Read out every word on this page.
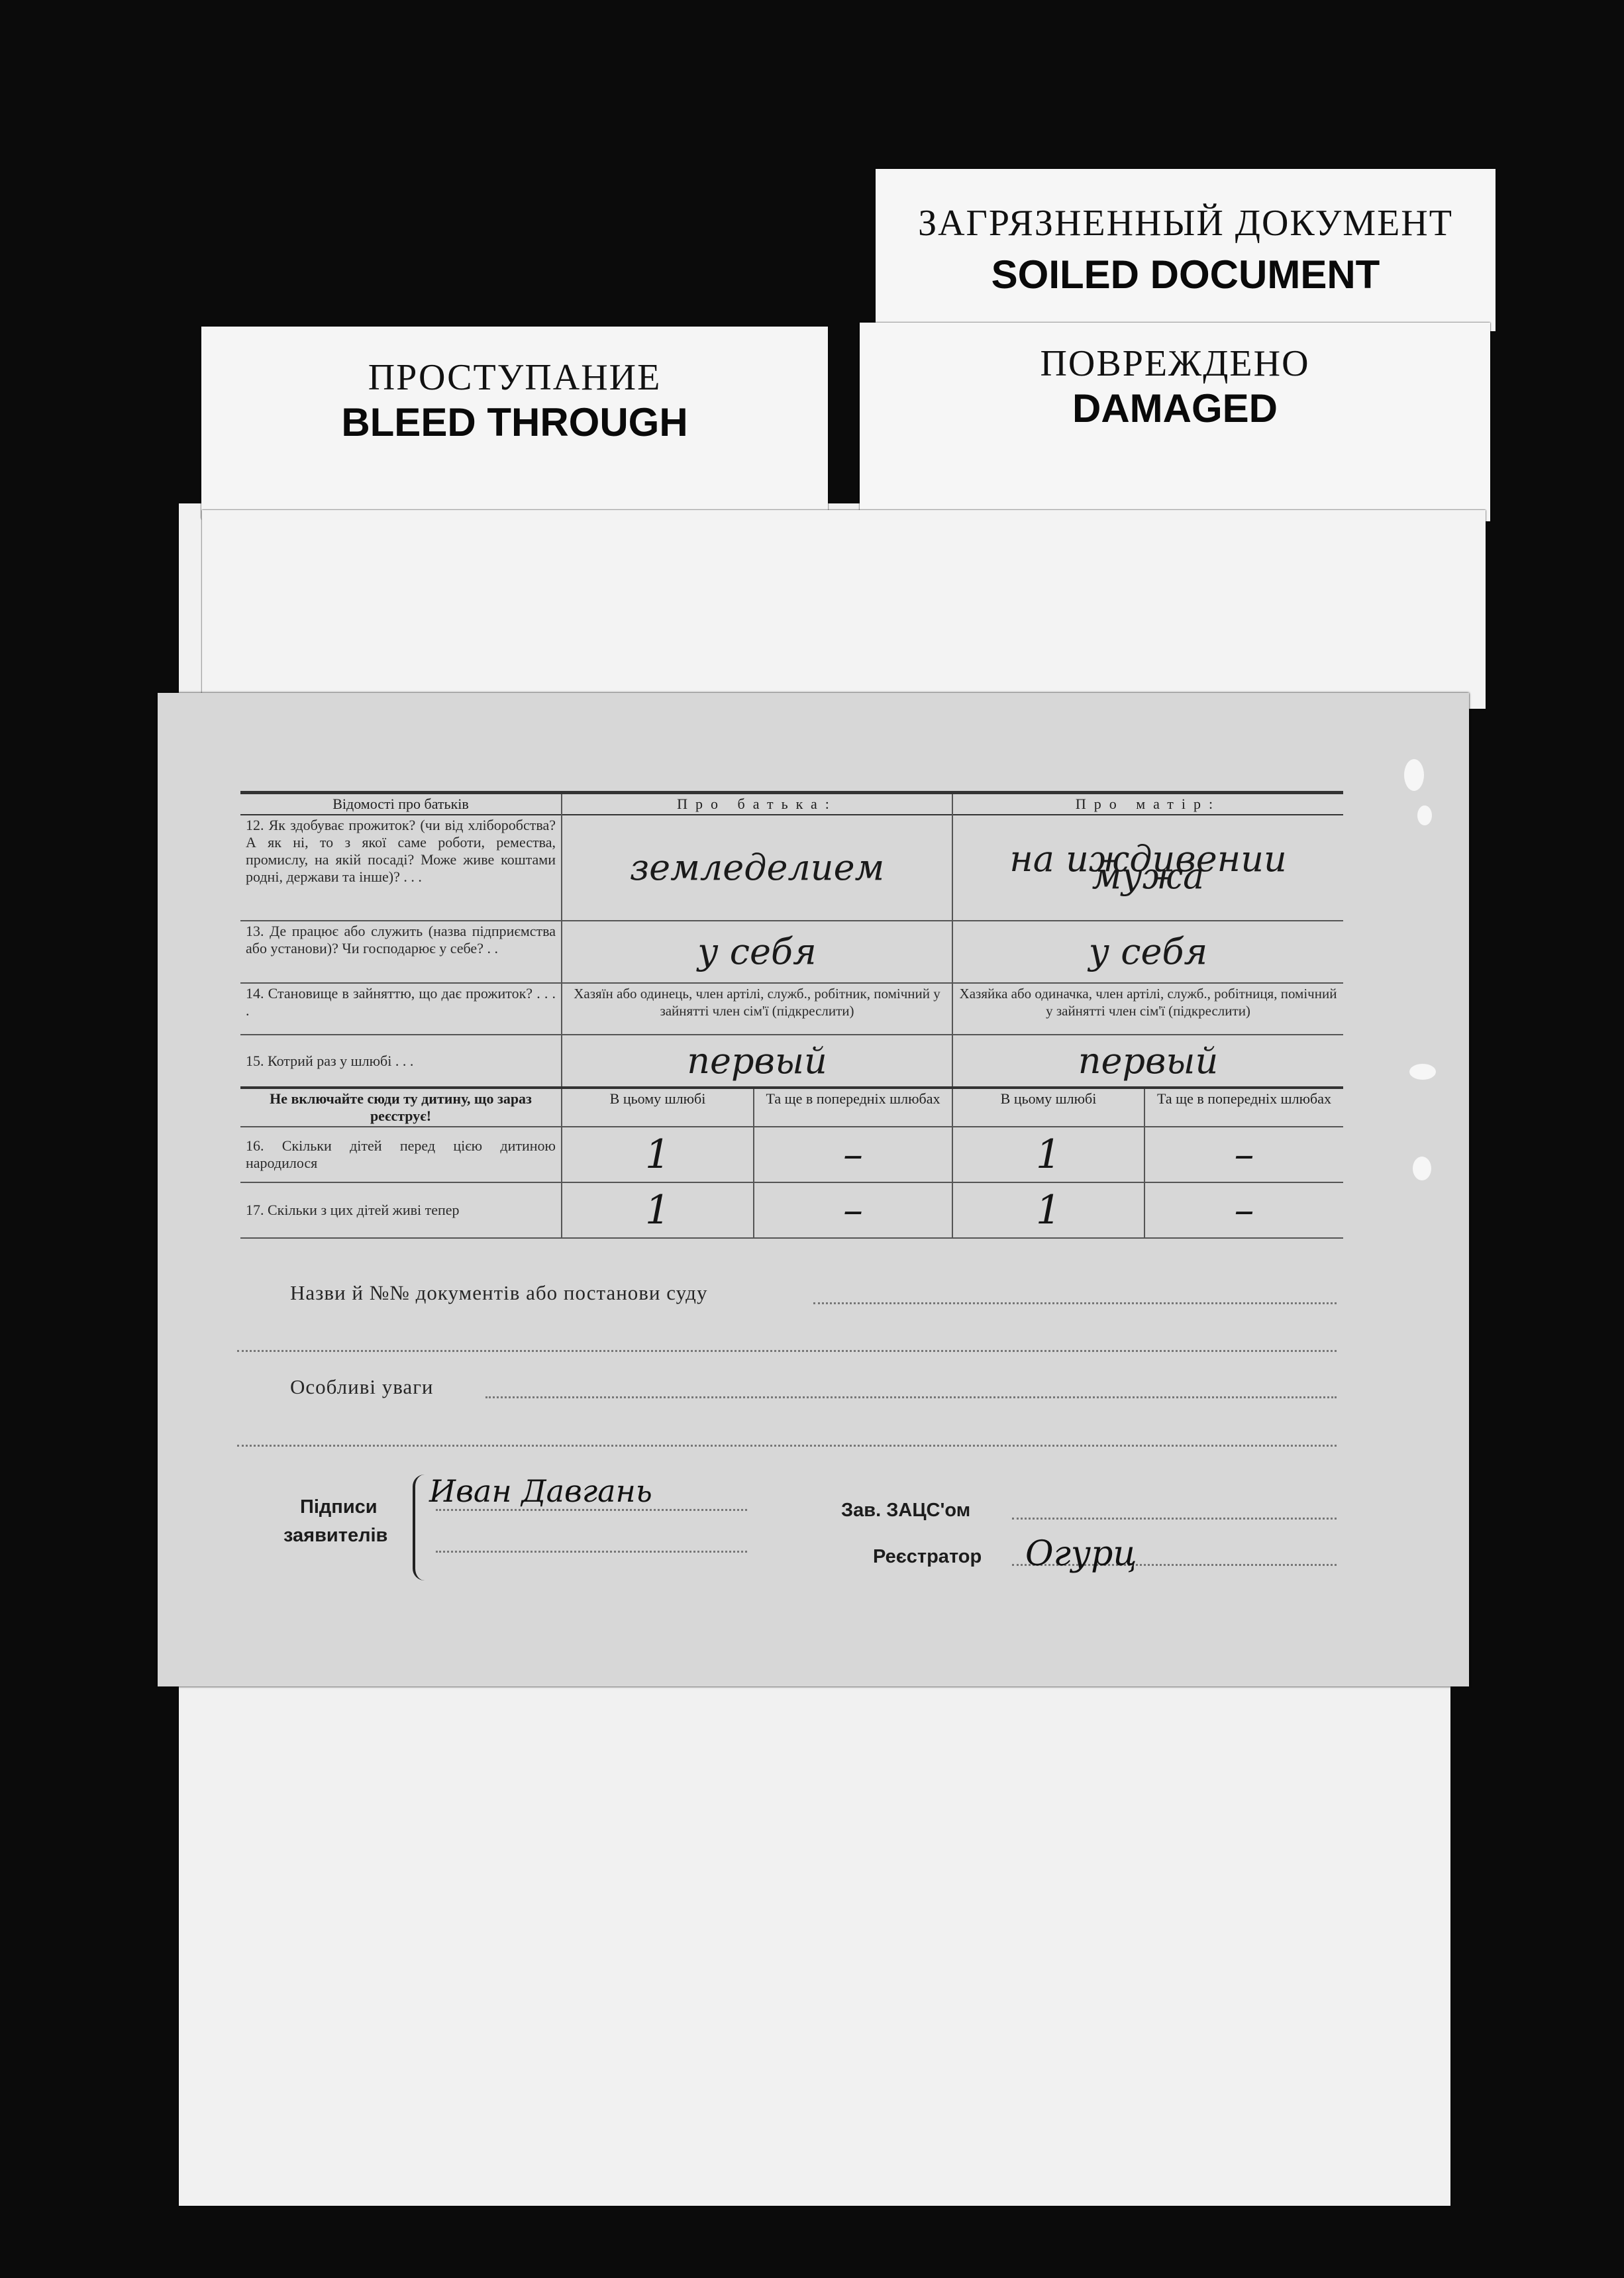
ЗАГРЯЗНЕННЫЙ ДОКУМЕНТ
SOILED DOCUMENT
ПРОСТУПАНИЕ
BLEED THROUGH
ПОВРЕЖДЕНО
DAMAGED
Відомості про батьків	Про батька:		Про матір:	
12. Як здобуває прожиток? (чи від хліборобства? А як ні, то з якої саме роботи, ремества, промислу, на якій посаді? Може живе коштами родні, держави та інше)? . . .	земледелием		на иждивении мужа	
13. Де працює або служить (назва підприємства або установи)? Чи господарює у себе? . .	у себя		у себя	
14. Становище в зайняттю, що дає прожиток? . . . .	Хазяїн або одинець, член артілі, служб., робітник, помічний у зайнятті член сім'ї (підкреслити)		Хазяйка або одиначка, член артілі, служб., робітниця, помічний у зайнятті член сім'ї (підкреслити)	
15. Котрий раз у шлюбі . . .	первый		первый	
Не включайте сюди ту дитину, що зараз реєструє!	В цьому шлюбі	Та ще в попередніх шлюбах	В цьому шлюбі	Та ще в попередніх шлюбах
16. Скільки дітей перед цією дитиною народилося	1	–	1	–
17. Скільки з цих дітей живі тепер	1	–	1	–
Назви й №№ документів або постанови суду
Особливі уваги
Підписи
заявителів
Иван Давгань
Зав. ЗАЦС'ом
Реєстратор Огурц
